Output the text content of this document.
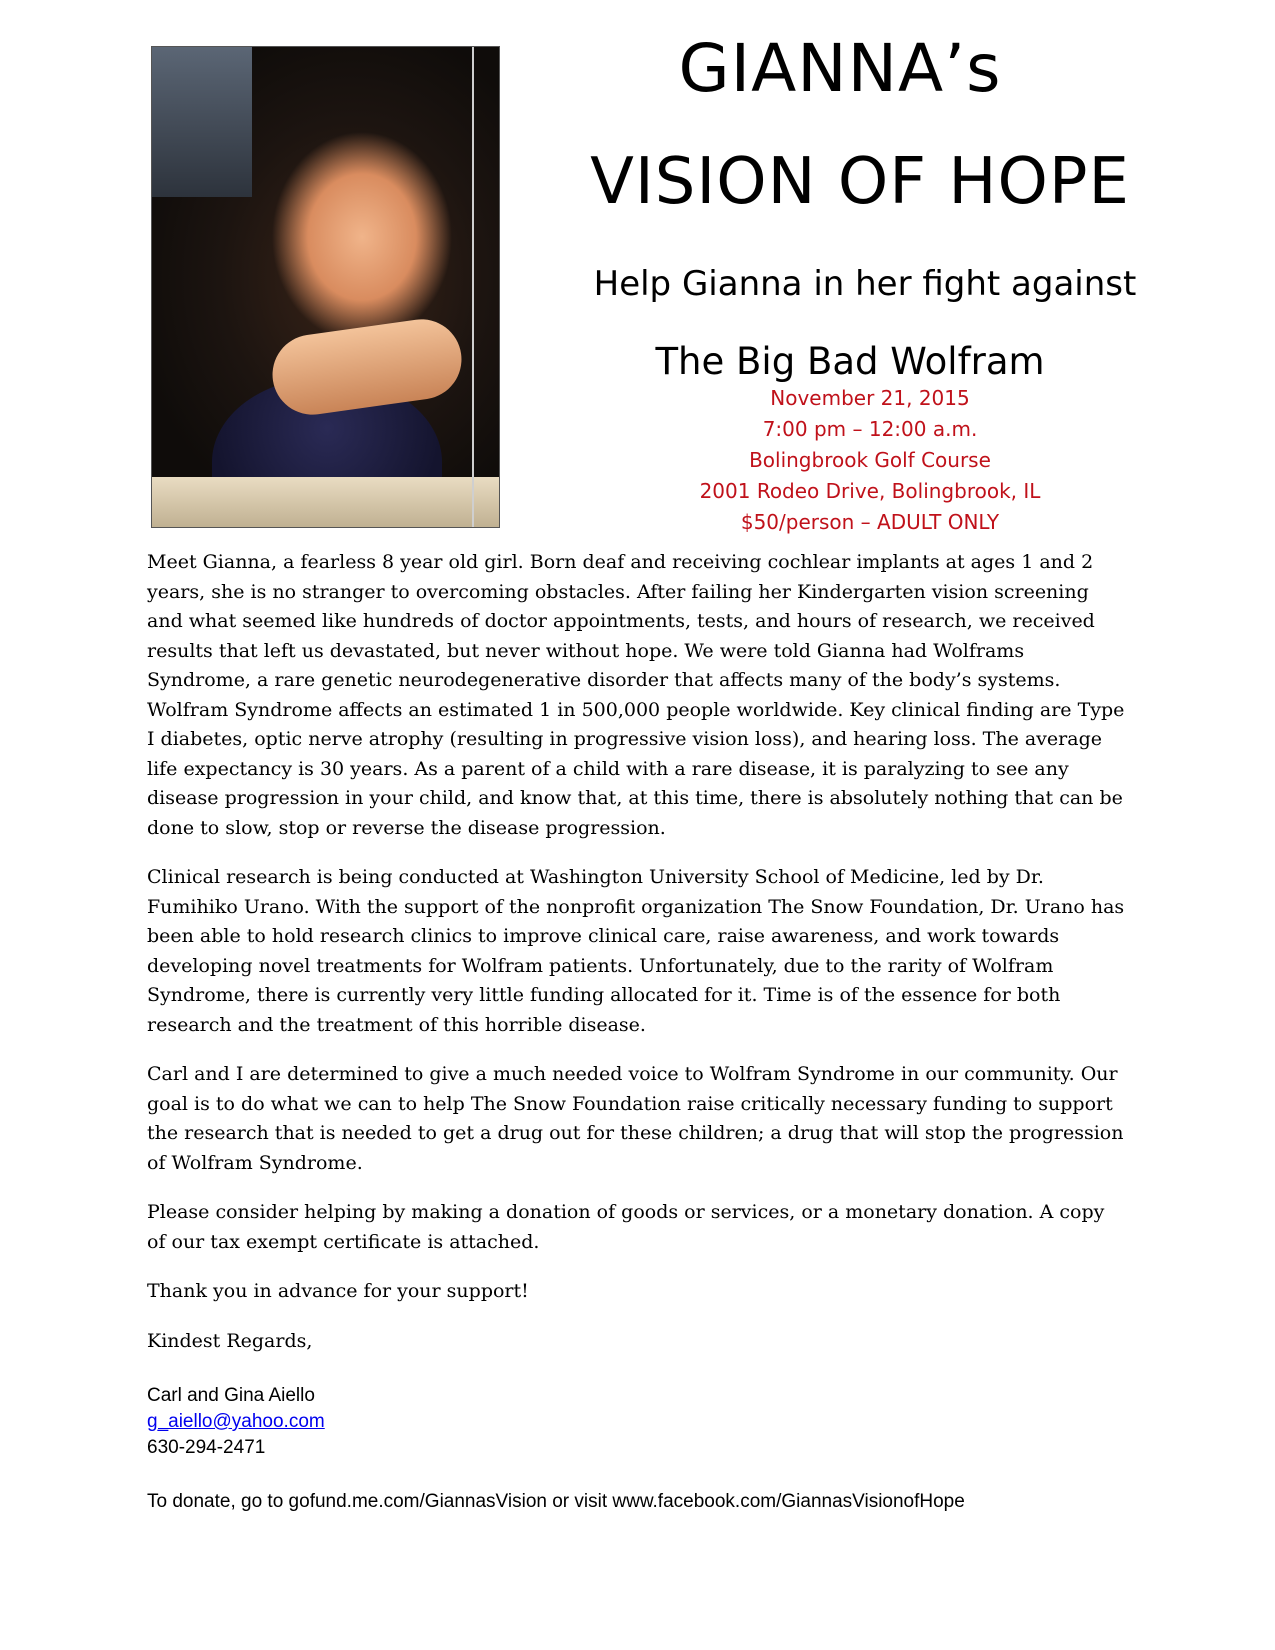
GIANNA’s
VISION OF HOPE
Help Gianna in her fight against
The Big Bad Wolfram
November 21, 2015
7:00 pm – 12:00 a.m.
Bolingbrook Golf Course
2001 Rodeo Drive, Bolingbrook, IL
$50/person – ADULT ONLY

Meet Gianna, a fearless 8 year old girl. Born deaf and receiving cochlear implants at ages 1 and 2 years, she is no stranger to overcoming obstacles. After failing her Kindergarten vision screening and what seemed like hundreds of doctor appointments, tests, and hours of research, we received results that left us devastated, but never without hope. We were told Gianna had Wolframs Syndrome, a rare genetic neurodegenerative disorder that affects many of the body’s systems. Wolfram Syndrome affects an estimated 1 in 500,000 people worldwide. Key clinical finding are Type I diabetes, optic nerve atrophy (resulting in progressive vision loss), and hearing loss. The average life expectancy is 30 years. As a parent of a child with a rare disease, it is paralyzing to see any disease progression in your child, and know that, at this time, there is absolutely nothing that can be done to slow, stop or reverse the disease progression.

Clinical research is being conducted at Washington University School of Medicine, led by Dr. Fumihiko Urano. With the support of the nonprofit organization The Snow Foundation, Dr. Urano has been able to hold research clinics to improve clinical care, raise awareness, and work towards developing novel treatments for Wolfram patients. Unfortunately, due to the rarity of Wolfram Syndrome, there is currently very little funding allocated for it. Time is of the essence for both research and the treatment of this horrible disease.

Carl and I are determined to give a much needed voice to Wolfram Syndrome in our community. Our goal is to do what we can to help The Snow Foundation raise critically necessary funding to support the research that is needed to get a drug out for these children; a drug that will stop the progression of Wolfram Syndrome.

Please consider helping by making a donation of goods or services, or a monetary donation. A copy of our tax exempt certificate is attached.

Thank you in advance for your support!

Kindest Regards,

Carl and Gina Aiello
g_aiello@yahoo.com
630-294-2471
To donate, go to gofund.me.com/GiannasVision or visit www.facebook.com/GiannasVisionofHope
